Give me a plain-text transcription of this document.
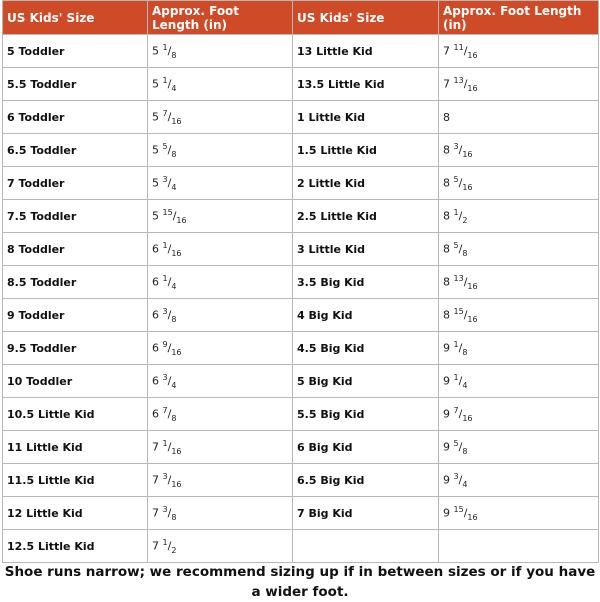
US Kids' Size	Approx. Foot Length (in)	US Kids' Size	Approx. Foot Length (in)
5 Toddler	5 $^1/_8$	13 Little Kid	7 $^{11}/_{16}$
5.5 Toddler	5 $^1/_4$	13.5 Little Kid	7 $^{13}/_{16}$
6 Toddler	5 $^7/_{16}$	1 Little Kid	8
6.5 Toddler	5 $^5/_8$	1.5 Little Kid	8 $^3/_{16}$
7 Toddler	5 $^3/_4$	2 Little Kid	8 $^5/_{16}$
7.5 Toddler	5 $^{15}/_{16}$	2.5 Little Kid	8 $^1/_2$
8 Toddler	6 $^1/_{16}$	3 Little Kid	8 $^5/_8$
8.5 Toddler	6 $^1/_4$	3.5 Big Kid	8 $^{13}/_{16}$
9 Toddler	6 $^3/_8$	4 Big Kid	8 $^{15}/_{16}$
9.5 Toddler	6 $^9/_{16}$	4.5 Big Kid	9 $^1/_8$
10 Toddler	6 $^3/_4$	5 Big Kid	9 $^1/_4$
10.5 Little Kid	6 $^7/_8$	5.5 Big Kid	9 $^7/_{16}$
11 Little Kid	7 $^1/_{16}$	6 Big Kid	9 $^5/_8$
11.5 Little Kid	7 $^3/_{16}$	6.5 Big Kid	9 $^3/_4$
12 Little Kid	7 $^3/_8$	7 Big Kid	9 $^{15}/_{16}$
12.5 Little Kid	7 $^1/_2$		
Shoe runs narrow; we recommend sizing up if in between sizes or if you have a wider foot.
